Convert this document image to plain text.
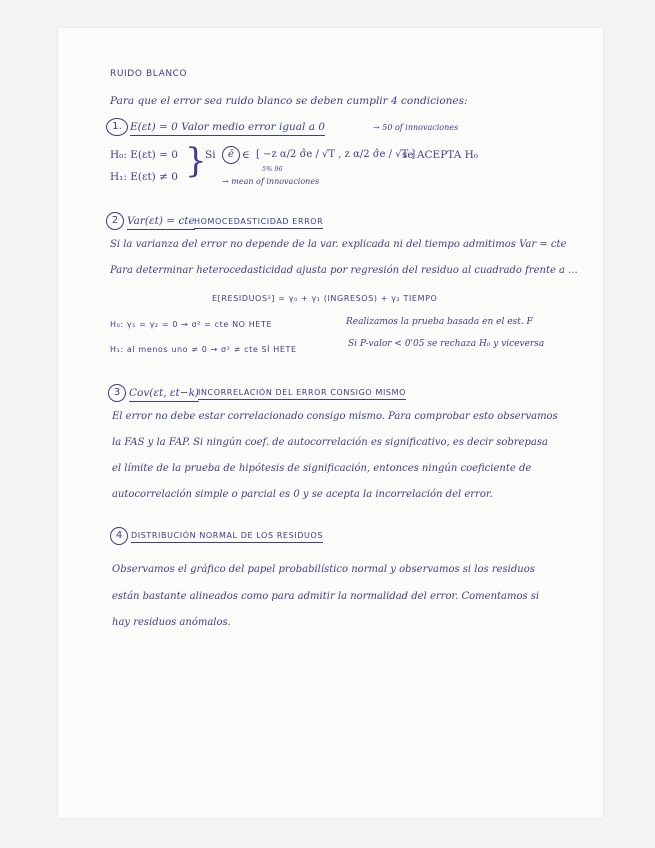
RUIDO BLANCO
Para que el error sea ruido blanco se deben cumplir 4 condiciones:
1. E(εt) = 0 Valor medio error igual a 0	→ 50 of innovaciones
H₀: E(εt) = 0
H₁: E(εt) ≠ 0 }
Si	ē ∈ [ −z α/2 σ̂e / √T , z α/2 σ̂e / √T ]
se ACEPTA H₀
5% 96
→ mean of innovaciones
2 Var(εt) = cte HOMOCEDASTICIDAD ERROR
Si la varianza del error no depende de la var. explicada ni del tiempo admitimos Var = cte
Para determinar heterocedasticidad ajusta por regresión del residuo al cuadrado frente a ...
E[RESIDUOS²] = γ₀ + γ₁ (INGRESOS) + γ₂ TIEMPO
H₀: γ₁ = γ₂ = 0 → σ² = cte NO HETE
H₁: al menos uno ≠ 0 → σ² ≠ cte SÍ HETE
Realizamos la prueba basada en el est. F
Si P-valor < 0'05 se rechaza H₀ y viceversa
3 Cov(εt, εt−k)
INCORRELACIÓN DEL ERROR CONSIGO MISMO
El error no debe estar correlacionado consigo mismo. Para comprobar esto observamos
la FAS y la FAP. Si ningún coef. de autocorrelación es significativo, es decir sobrepasa
el límite de la prueba de hipótesis de significación, entonces ningún coeficiente de
autocorrelación simple o parcial es 0 y se acepta la incorrelación del error.
4	DISTRIBUCIÓN NORMAL DE LOS RESIDUOS
Observamos el gráfico del papel probabilístico normal y observamos si los residuos
están bastante alineados como para admitir la normalidad del error. Comentamos si
hay residuos anómalos.
